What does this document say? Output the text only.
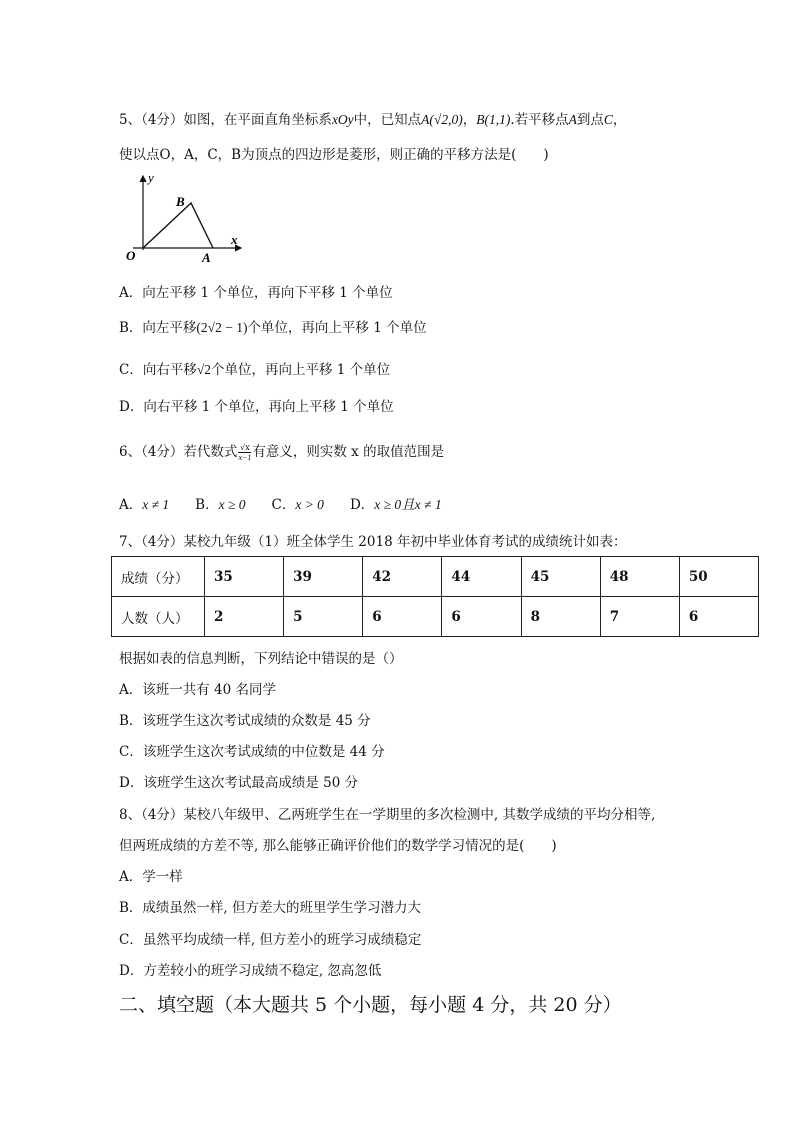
5、（4分）如图，在平面直角坐标系xOy中，已知点A(√2,0)，B(1,1).若平移点A到点C，
使以点O，A，C，B为顶点的四边形是菱形，则正确的平移方法是(　　)
y
x
B
O	A
A．向左平移 1 个单位，再向下平移 1 个单位
B．向左平移(2√2 − 1)个单位，再向上平移 1 个单位
C．向右平移√2个单位，再向上平移 1 个单位
D．向右平移 1 个单位，再向上平移 1 个单位
6、（4分）若代数式 $\frac{√x}{x-1}$ 有意义，则实数 x 的取值范围是
A．x ≠ 1 B．x ≥ 0 C．x > 0 D．x ≥ 0且x ≠ 1
7、（4分）某校九年级（1）班全体学生 2018 年初中毕业体育考试的成绩统计如表：
成绩（分）	35	39	42	44	45	48	50
人数（人）	2	5	6	6	8	7	6
根据如表的信息判断，下列结论中错误的是（）
A．该班一共有 40 名同学
B．该班学生这次考试成绩的众数是 45 分
C．该班学生这次考试成绩的中位数是 44 分
D．该班学生这次考试最高成绩是 50 分
8、（4分）某校八年级甲、乙两班学生在一学期里的多次检测中, 其数学成绩的平均分相等,
但两班成绩的方差不等, 那么能够正确评价他们的数学学习情况的是(　　)
A．学一样
B．成绩虽然一样, 但方差大的班里学生学习潜力大
C．虽然平均成绩一样, 但方差小的班学习成绩稳定
D．方差较小的班学习成绩不稳定, 忽高忽低
二、填空题（本大题共 5 个小题，每小题 4 分，共 20 分）
